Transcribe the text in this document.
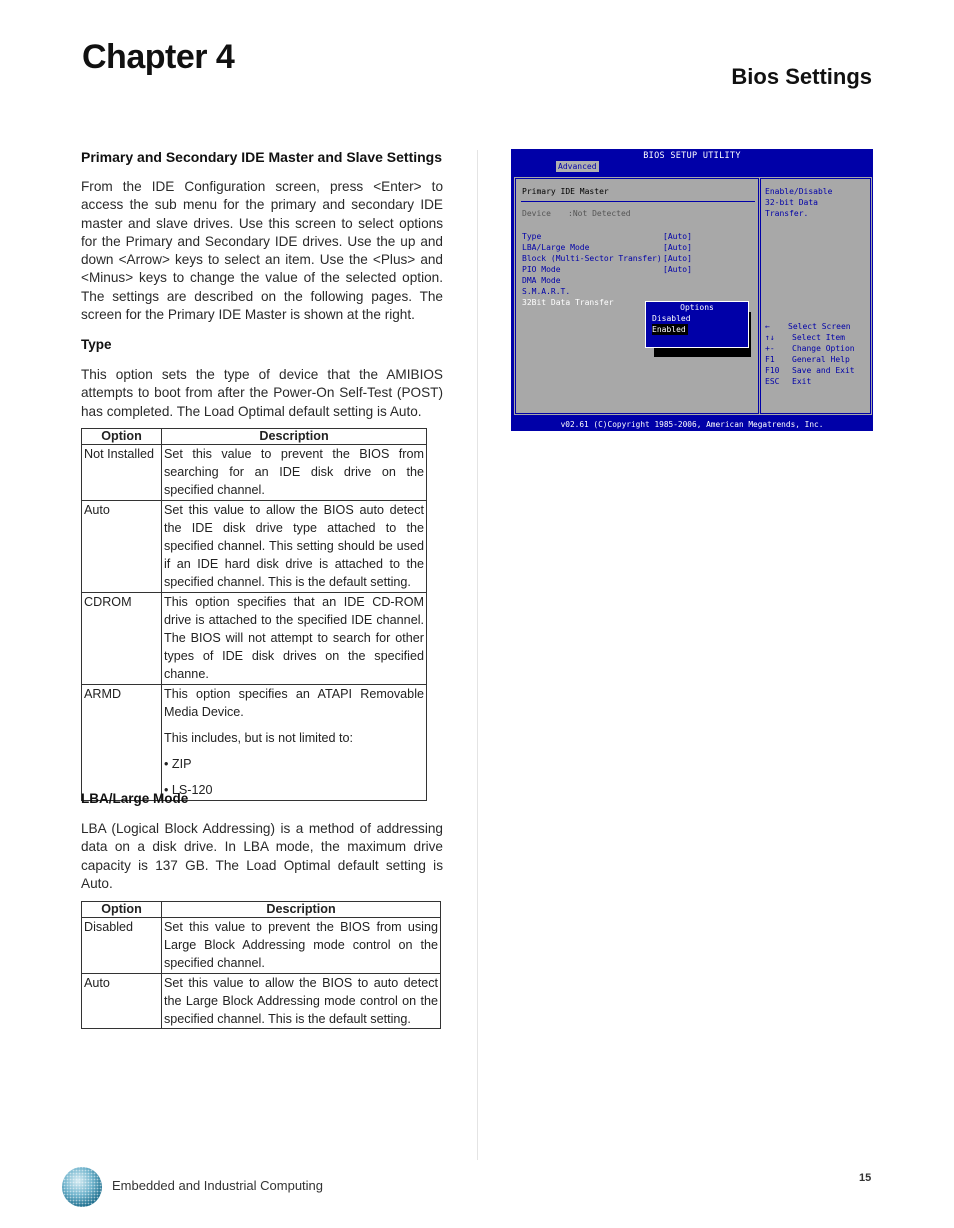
Chapter 4
Bios Settings

Primary and Secondary IDE Master and Slave Settings

From the IDE Configuration screen, press <Enter> to access the sub menu for the primary and secondary IDE master and slave drives. Use this screen to select options for the Primary and Secondary IDE drives. Use the up and down <Arrow> keys to select an item. Use the <Plus> and <Minus> keys to change the value of the selected option. The settings are described on the following pages. The screen for the Primary IDE Master is shown at the right.

Type

This option sets the type of device that the AMIBIOS attempts to boot from after the Power-On Self-Test (POST) has completed. The Load Optimal default setting is Auto.

Option	Description
Not Installed	Set this value to prevent the BIOS from searching for an IDE disk drive on the specified channel.
Auto	Set this value to allow the BIOS auto detect the IDE disk drive type attached to the specified channel. This setting should be used if an IDE hard disk drive is attached to the specified channel. This is the default setting.
CDROM	This option specifies that an IDE CD-ROM drive is attached to the specified IDE channel. The BIOS will not attempt to search for other types of IDE disk drives on the specified channe.
ARMD	This option specifies an ATAPI Removable Media Device.

This includes, but is not limited to:

• ZIP

• LS-120

LBA/Large Mode

LBA (Logical Block Addressing) is a method of addressing data on a disk drive. In LBA mode, the maximum drive capacity is 137 GB. The Load Optimal default setting is Auto.

Option	Description
Disabled	Set this value to prevent the BIOS from using Large Block Addressing mode control on the specified channel.
Auto	Set this value to allow the BIOS to auto detect the Large Block Addressing mode control on the specified channel. This is the default setting.
BIOS SETUP UTILITY
Advanced
Primary IDE Master
Device :Not Detected
Type	[Auto]
LBA/Large Mode	[Auto]
Block (Multi-Sector Transfer) [Auto]
PIO Mode	[Auto]
DMA Mode
S.M.A.R.T.
32Bit Data Transfer
Options
Disabled
Enabled
Enable/Disable
32-bit Data
Transfer.
← Select Screen
↑↓ Select Item
+- Change Option
F1 General Help
F10 Save and Exit
ESC Exit
v02.61 (C)Copyright 1985-2006, American Megatrends, Inc.
Embedded and Industrial Computing	15
